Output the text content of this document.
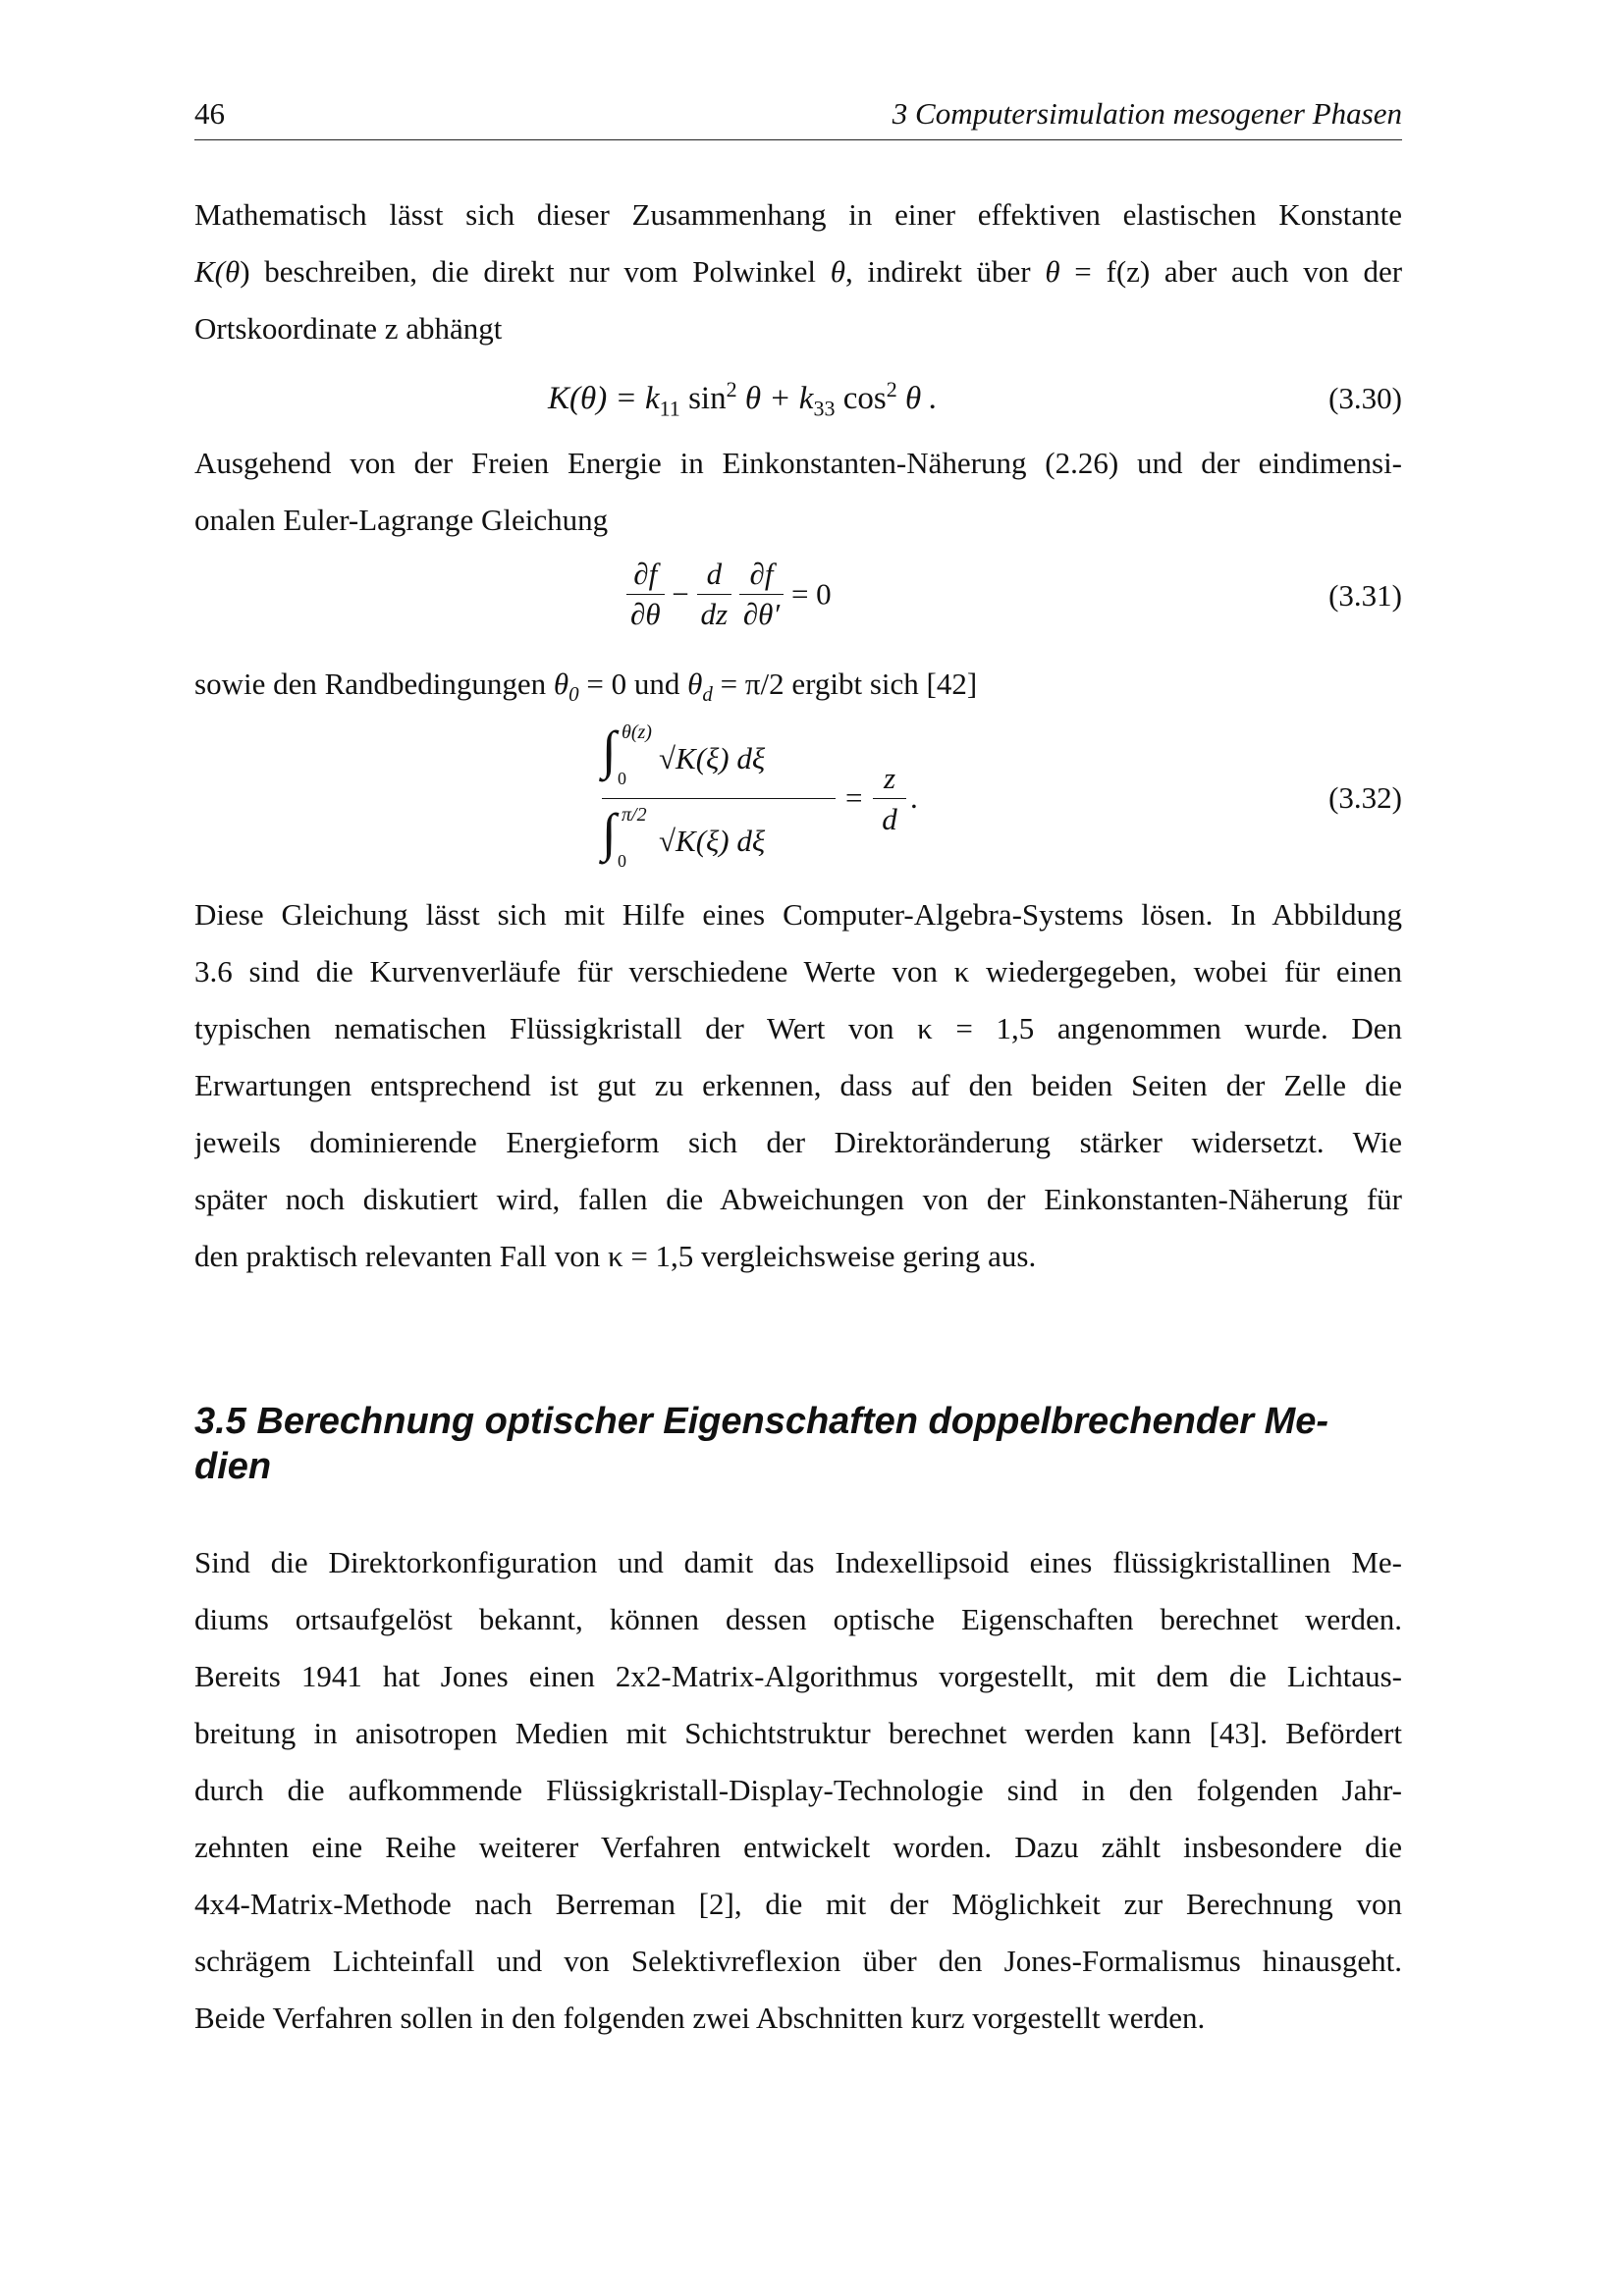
46	3 Computersimulation mesogener Phasen
Mathematisch lässt sich dieser Zusammenhang in einer effektiven elastischen Konstante
K(θ) beschreiben, die direkt nur vom Polwinkel θ, indirekt über θ = f(z) aber auch von der
Ortskoordinate z abhängt
$K(\theta) = k_{11}$ $\sin^2 \theta + k_{33}$ $\cos^2 \theta$ .	(3.30)
Ausgehend von der Freien Energie in Einkonstanten-Näherung (2.26) und der eindimensi-
onalen Euler-Lagrange Gleichung
$\frac{\partial f}{\partial\theta} - \frac{d}{dz}$
$\frac{\partial f}{\partial\theta'} = 0$	(3.31)
sowie den Randbedingungen $\theta_0 = 0$ und $\theta_d = \pi/2$ ergibt sich [42]
∫ θ(z)
0
√K(ξ) dξ
∫ π/2
0
√K(ξ) dξ
=
z
d
.	(3.32)
Diese Gleichung lässt sich mit Hilfe eines Computer-Algebra-Systems lösen. In Abbildung
3.6 sind die Kurvenverläufe für verschiedene Werte von κ wiedergegeben, wobei für einen
typischen nematischen Flüssigkristall der Wert von κ = 1,5 angenommen wurde. Den
Erwartungen entsprechend ist gut zu erkennen, dass auf den beiden Seiten der Zelle die
jeweils dominierende Energieform sich der Direktoränderung stärker widersetzt. Wie
später noch diskutiert wird, fallen die Abweichungen von der Einkonstanten-Näherung für
den praktisch relevanten Fall von κ = 1,5 vergleichsweise gering aus.
3.5 Berechnung optischer Eigenschaften doppelbrechender Me-
dien
Sind die Direktorkonfiguration und damit das Indexellipsoid eines flüssigkristallinen Me-
diums ortsaufgelöst bekannt, können dessen optische Eigenschaften berechnet werden.
Bereits 1941 hat Jones einen 2x2-Matrix-Algorithmus vorgestellt, mit dem die Lichtaus-
breitung in anisotropen Medien mit Schichtstruktur berechnet werden kann [43]. Befördert
durch die aufkommende Flüssigkristall-Display-Technologie sind in den folgenden Jahr-
zehnten eine Reihe weiterer Verfahren entwickelt worden. Dazu zählt insbesondere die
4x4-Matrix-Methode nach Berreman [2], die mit der Möglichkeit zur Berechnung von
schrägem Lichteinfall und von Selektivreflexion über den Jones-Formalismus hinausgeht.
Beide Verfahren sollen in den folgenden zwei Abschnitten kurz vorgestellt werden.
